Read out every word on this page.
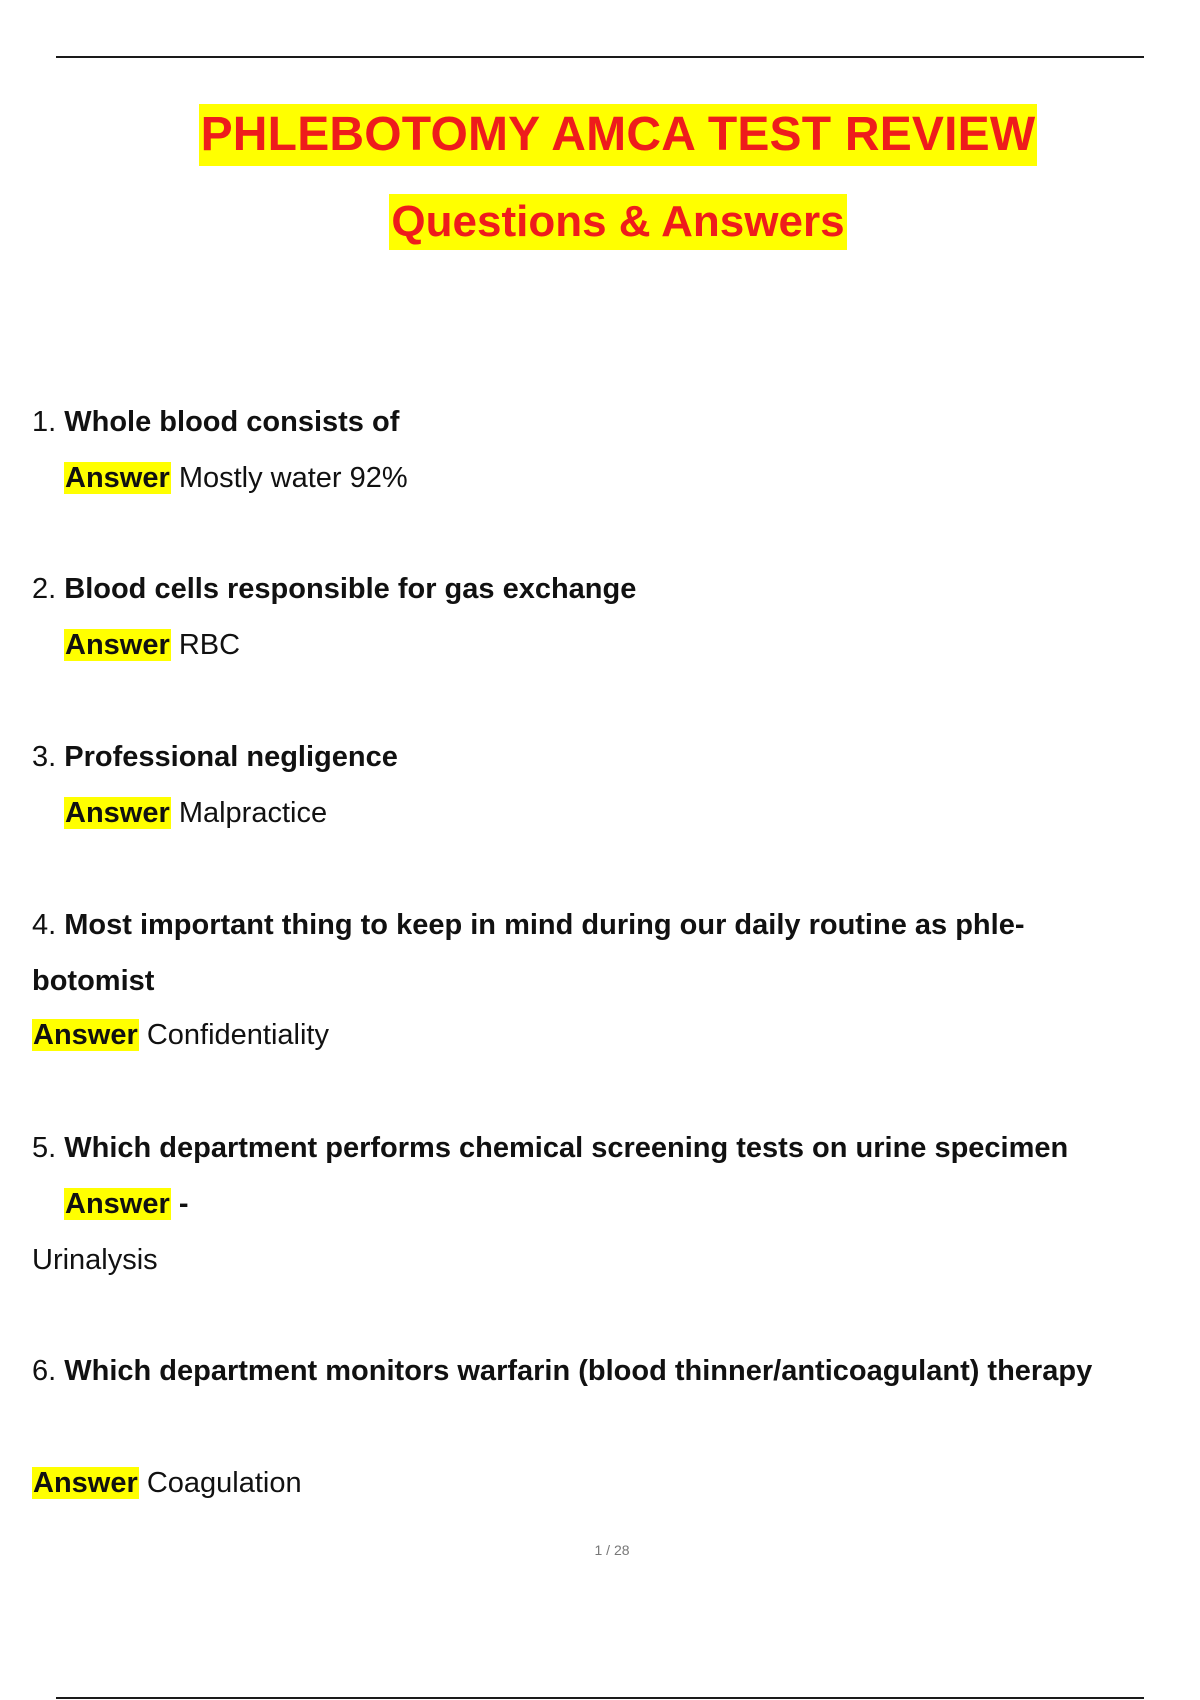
PHLEBOTOMY AMCA TEST REVIEW
Questions & Answers
1. Whole blood consists of
Answer Mostly water 92%
2. Blood cells responsible for gas exchange
Answer RBC
3. Professional negligence
Answer Malpractice
4. Most important thing to keep in mind during our daily routine as phle-
botomist
Answer Confidentiality
5. Which department performs chemical screening tests on urine specimen
Answer -
Urinalysis
6. Which department monitors warfarin (blood thinner/anticoagulant) therapy
Answer Coagulation
1 / 28
